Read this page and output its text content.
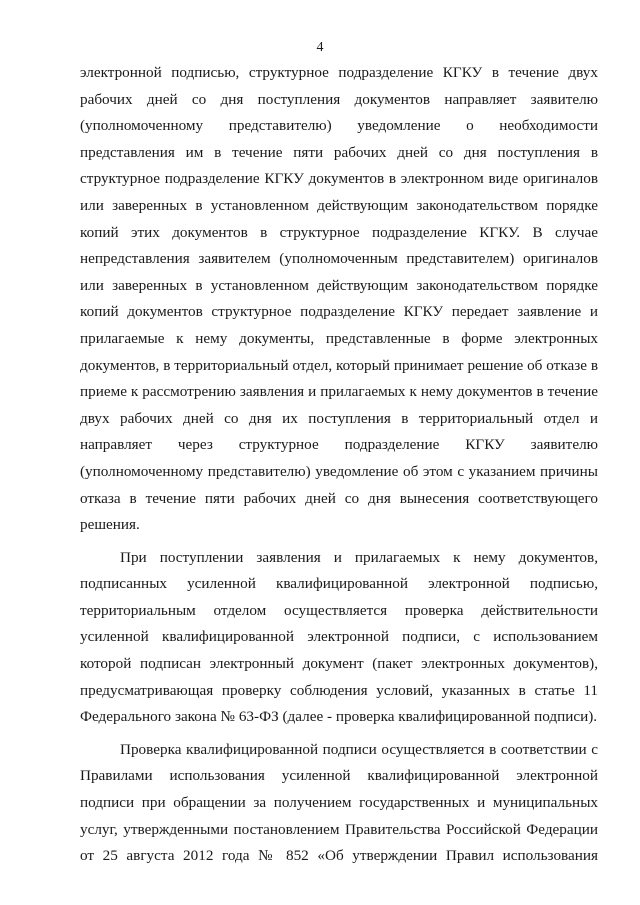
4
электронной подписью, структурное подразделение КГКУ в течение двух
рабочих дней со дня поступления документов направляет заявителю
(уполномоченному представителю) уведомление о необходимости
представления им в течение пяти рабочих дней со дня поступления в
структурное подразделение КГКУ документов в электронном виде оригиналов
или заверенных в установленном действующим законодательством порядке
копий этих документов в структурное подразделение КГКУ. В случае
непредставления заявителем (уполномоченным представителем) оригиналов
или заверенных в установленном действующим законодательством порядке
копий документов структурное подразделение КГКУ передает заявление и
прилагаемые к нему документы, представленные в форме электронных
документов, в территориальный отдел, который принимает решение об отказе в
приеме к рассмотрению заявления и прилагаемых к нему документов в течение
двух рабочих дней со дня их поступления в территориальный отдел и
направляет через структурное подразделение КГКУ заявителю
(уполномоченному представителю) уведомление об этом с указанием причины
отказа в течение пяти рабочих дней со дня вынесения соответствующего
решения.
При поступлении заявления и прилагаемых к нему документов,
подписанных усиленной квалифицированной электронной подписью,
территориальным отделом осуществляется проверка действительности
усиленной квалифицированной электронной подписи, с использованием
которой подписан электронный документ (пакет электронных документов),
предусматривающая проверку соблюдения условий, указанных в статье 11
Федерального закона № 63-ФЗ (далее - проверка квалифицированной подписи).
Проверка квалифицированной подписи осуществляется в соответствии с
Правилами использования усиленной квалифицированной электронной
подписи при обращении за получением государственных и муниципальных
услуг, утвержденными постановлением Правительства Российской Федерации
от 25 августа 2012 года № 852 «Об утверждении Правил использования
